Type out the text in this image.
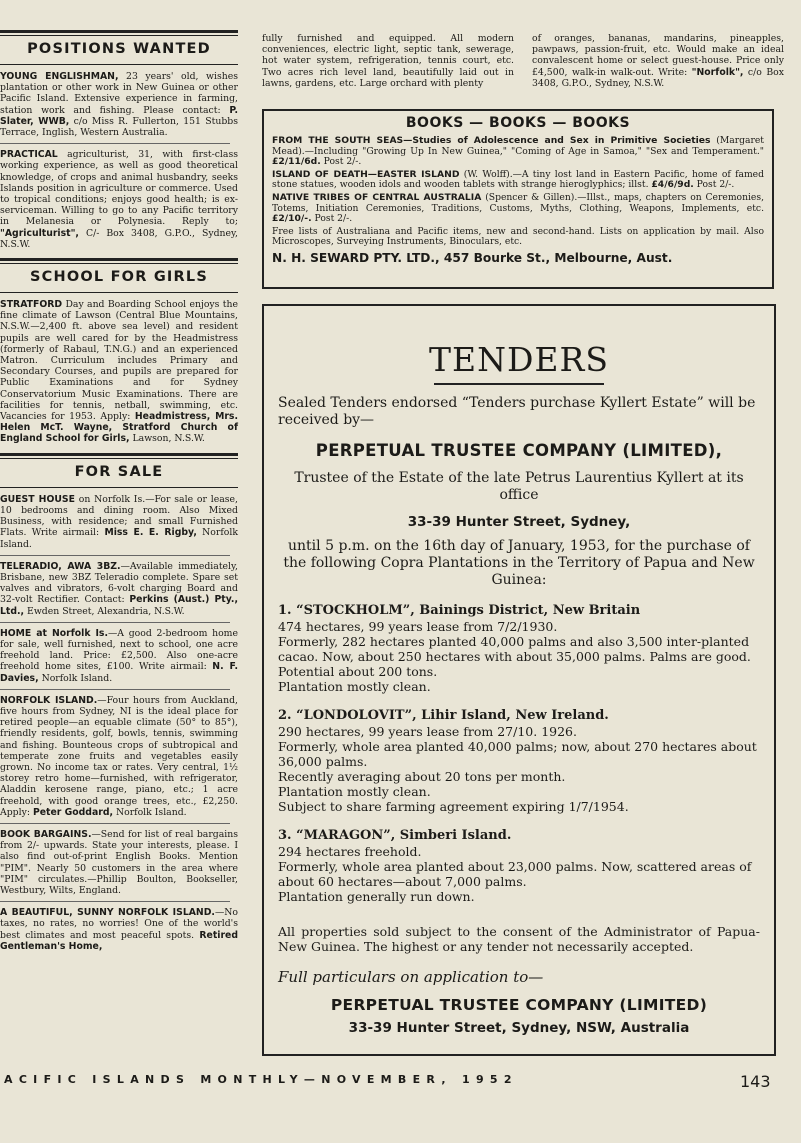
POSITIONS WANTED

YOUNG ENGLISHMAN, 23 years' old, wishes plantation or other work in New Guinea or other Pacific Island. Extensive experience in farming, station work and fishing. Please contact: P. Slater, WWB, c/o Miss R. Fullerton, 151 Stubbs Terrace, Inglish, Western Australia.

PRACTICAL agriculturist, 31, with first-class working experience, as well as good theoretical knowledge, of crops and animal husbandry, seeks Islands position in agriculture or commerce. Used to tropical conditions; enjoys good health; is ex-serviceman. Willing to go to any Pacific territory in Melanesia or Polynesia. Reply to; "Agriculturist", C/- Box 3408, G.P.O., Sydney, N.S.W.

SCHOOL FOR GIRLS

STRATFORD Day and Boarding School enjoys the fine climate of Lawson (Central Blue Mountains, N.S.W.—2,400 ft. above sea level) and resident pupils are well cared for by the Headmistress (formerly of Rabaul, T.N.G.) and an experienced Matron. Curriculum includes Primary and Secondary Courses, and pupils are prepared for Public Examinations and for Sydney Conservatorium Music Examinations. There are facilities for tennis, netball, swimming, etc. Vacancies for 1953. Apply: Headmistress, Mrs. Helen McT. Wayne, Stratford Church of England School for Girls, Lawson, N.S.W.

FOR SALE

GUEST HOUSE on Norfolk Is.—For sale or lease, 10 bedrooms and dining room. Also Mixed Business, with residence; and small Furnished Flats. Write airmail: Miss E. E. Rigby, Norfolk Island.

TELERADIO, AWA 3BZ.—Available immediately, Brisbane, new 3BZ Teleradio complete. Spare set valves and vibrators, 6-volt charging Board and 32-volt Rectifier. Contact: Perkins (Aust.) Pty., Ltd., Ewden Street, Alexandria, N.S.W.

HOME at Norfolk Is.—A good 2-bedroom home for sale, well furnished, next to school, one acre freehold land. Price: £2,500. Also one-acre freehold home sites, £100. Write airmail: N. F. Davies, Norfolk Island.

NORFOLK ISLAND.—Four hours from Auckland, five hours from Sydney, NI is the ideal place for retired people—an equable climate (50° to 85°), friendly residents, golf, bowls, tennis, swimming and fishing. Bounteous crops of subtropical and temperate zone fruits and vegetables easily grown. No income tax or rates. Very central, 1½ storey retro home—furnished, with refrigerator, Aladdin kerosene range, piano, etc.; 1 acre freehold, with good orange trees, etc., £2,250. Apply: Peter Goddard, Norfolk Island.

BOOK BARGAINS.—Send for list of real bargains from 2/- upwards. State your interests, please. I also find out-of-print English Books. Mention "PIM". Nearly 50 customers in the area where "PIM" circulates.—Phillip Boulton, Bookseller, Westbury, Wilts, England.

A BEAUTIFUL, SUNNY NORFOLK ISLAND.—No taxes, no rates, no worries! One of the world's best climates and most peaceful spots. Retired Gentleman's Home,

fully furnished and equipped. All modern conveniences, electric light, septic tank, sewerage, hot water system, refrigeration, tennis court, etc. Two acres rich level land, beautifully laid out in lawns, gardens, etc. Large orchard with plenty
of oranges, bananas, mandarins, pineapples, pawpaws, passion-fruit, etc. Would make an ideal convalescent home or select guest-house. Price only £4,500, walk-in walk-out. Write: "Norfolk", c/o Box 3408, G.P.O., Sydney, N.S.W.
BOOKS — BOOKS — BOOKS

FROM THE SOUTH SEAS—Studies of Adolescence and Sex in Primitive Societies (Margaret Mead).—Including "Growing Up In New Guinea," "Coming of Age in Samoa," "Sex and Temperament." £2/11/6d. Post 2/-.

ISLAND OF DEATH—EASTER ISLAND (W. Wolff).—A tiny lost land in Eastern Pacific, home of famed stone statues, wooden idols and wooden tablets with strange hieroglyphics; illst. £4/6/9d. Post 2/-.

NATIVE TRIBES OF CENTRAL AUSTRALIA (Spencer & Gillen).—Illst., maps, chapters on Ceremonies, Totems, Initiation Ceremonies, Traditions, Customs, Myths, Clothing, Weapons, Implements, etc. £2/10/-. Post 2/-.

Free lists of Australiana and Pacific items, new and second-hand. Lists on application by mail. Also Microscopes, Surveying Instruments, Binoculars, etc.

N. H. SEWARD PTY. LTD., 457 Bourke St., Melbourne, Aust.
TENDERS

Sealed Tenders endorsed “Tenders purchase Kyllert Estate” will be received by—

PERPETUAL TRUSTEE COMPANY (LIMITED),

Trustee of the Estate of the late Petrus Laurentius Kyllert at its office

33-39 Hunter Street, Sydney,

until 5 p.m. on the 16th day of January, 1953, for the purchase of the following Copra Plantations in the Territory of Papua and New Guinea:

1. “STOCKHOLM”, Bainings District, New Britain
474 hectares, 99 years lease from 7/2/1930.
Formerly, 282 hectares planted 40,000 palms and also 3,500 inter-planted cacao. Now, about 250 hectares with about 35,000 palms. Palms are good. Potential about 200 tons.
Plantation mostly clean.
2. “LONDOLOVIT”, Lihir Island, New Ireland.
290 hectares, 99 years lease from 27/10. 1926.
Formerly, whole area planted 40,000 palms; now, about 270 hectares about 36,000 palms.
Recently averaging about 20 tons per month.
Plantation mostly clean.
Subject to share farming agreement expiring 1/7/1954.
3. “MARAGON”, Simberi Island.
294 hectares freehold.
Formerly, whole area planted about 23,000 palms. Now, scattered areas of about 60 hectares—about 7,000 palms.
Plantation generally run down.

All properties sold subject to the consent of the Administrator of Papua-New Guinea. The highest or any tender not necessarily accepted.

Full particulars on application to—
PERPETUAL TRUSTEE COMPANY (LIMITED)
33-39 Hunter Street, Sydney, NSW, Australia
ACIFIC ISLANDS MONTHLY—NOVEMBER, 1952	143
